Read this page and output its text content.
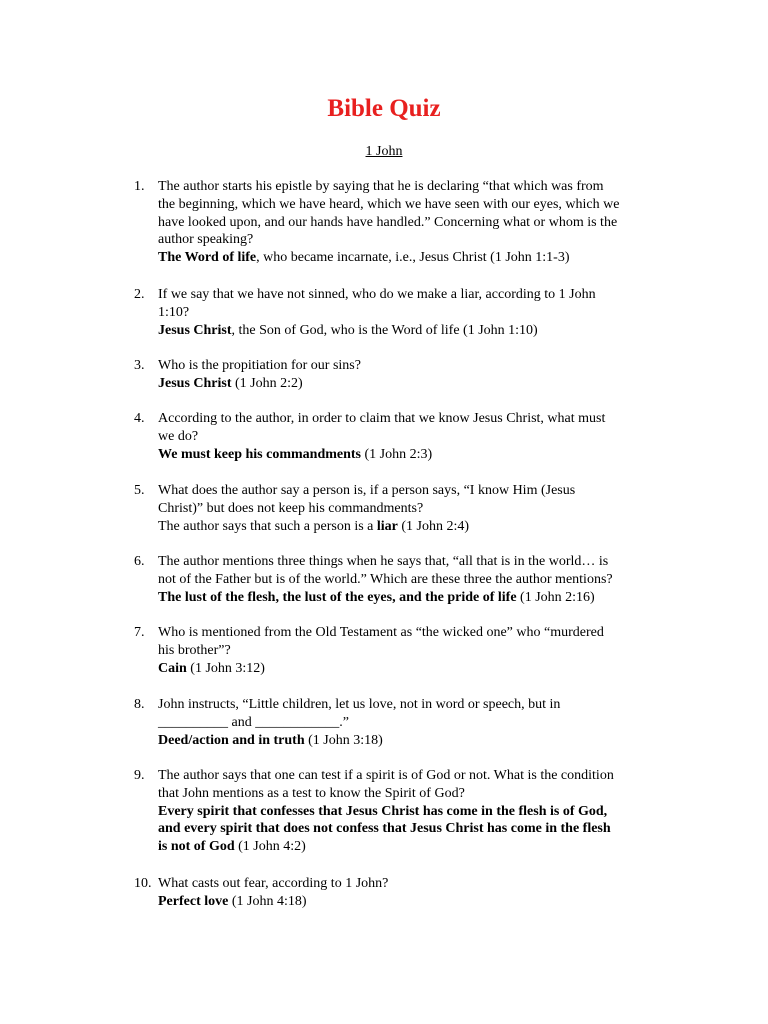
Bible Quiz
1 John
1. The author starts his epistle by saying that he is declaring “that which was from
the beginning, which we have heard, which we have seen with our eyes, which we
have looked upon, and our hands have handled.” Concerning what or whom is the
author speaking?
The Word of life, who became incarnate, i.e., Jesus Christ (1 John 1:1-3)
2. If we say that we have not sinned, who do we make a liar, according to 1 John
1:10?
Jesus Christ, the Son of God, who is the Word of life (1 John 1:10)
3. Who is the propitiation for our sins?
Jesus Christ (1 John 2:2)
4. According to the author, in order to claim that we know Jesus Christ, what must
we do?
We must keep his commandments (1 John 2:3)
5. What does the author say a person is, if a person says, “I know Him (Jesus
Christ)” but does not keep his commandments?
The author says that such a person is a liar (1 John 2:4)
6. The author mentions three things when he says that, “all that is in the world… is
not of the Father but is of the world.” Which are these three the author mentions?
The lust of the flesh, the lust of the eyes, and the pride of life (1 John 2:16)
7. Who is mentioned from the Old Testament as “the wicked one” who “murdered
his brother”?
Cain (1 John 3:12)
8. John instructs, “Little children, let us love, not in word or speech, but in
__________ and ____________.”
Deed/action and in truth (1 John 3:18)
9. The author says that one can test if a spirit is of God or not. What is the condition
that John mentions as a test to know the Spirit of God?
Every spirit that confesses that Jesus Christ has come in the flesh is of God,
and every spirit that does not confess that Jesus Christ has come in the flesh
is not of God (1 John 4:2)
10. What casts out fear, according to 1 John?
Perfect love (1 John 4:18)
